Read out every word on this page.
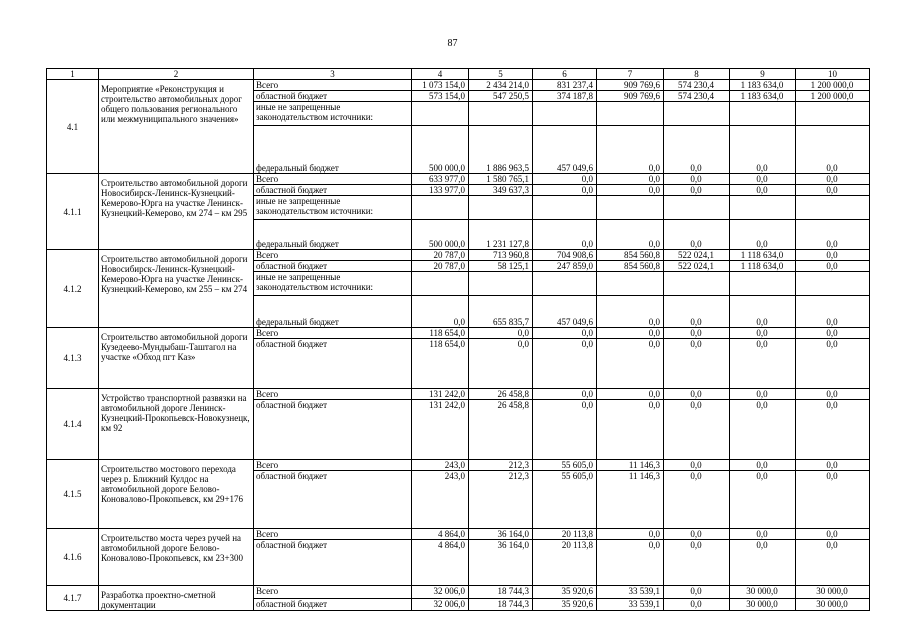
87
1	2	3	4	5	6	7	8	9	10
4.1	Мероприятие «Реконструкция и строительство автомобильных дорог общего пользования регионального или межмуниципального значения»	Всего	1 073 154,0	2 434 214,0	831 237,4	909 769,6	574 230,4	1 183 634,0	1 200 000,0
		областной бюджет	573 154,0	547 250,5	374 187,8	909 769,6	574 230,4	1 183 634,0	1 200 000,0
		иные не запрещенные законодательством источники:							
		федеральный бюджет	500 000,0	1 886 963,5	457 049,6	0,0	0,0	0,0	0,0
4.1.1	Строительство автомобильной дороги Новосибирск-Ленинск-Кузнецкий-Кемерово-Юрга на участке Ленинск-Кузнецкий-Кемерово, км 274 – км 295	Всего	633 977,0	1 580 765,1	0,0	0,0	0,0	0,0	0,0
		областной бюджет	133 977,0	349 637,3	0,0	0,0	0,0	0,0	0,0
		иные не запрещенные законодательством источники:							
		федеральный бюджет	500 000,0	1 231 127,8	0,0	0,0	0,0	0,0	0,0
4.1.2	Строительство автомобильной дороги Новосибирск-Ленинск-Кузнецкий-Кемерово-Юрга на участке Ленинск-Кузнецкий-Кемерово, км 255 – км 274	Всего	20 787,0	713 960,8	704 908,6	854 560,8	522 024,1	1 118 634,0	0,0
		областной бюджет	20 787,0	58 125,1	247 859,0	854 560,8	522 024,1	1 118 634,0	0,0
		иные не запрещенные законодательством источники:							
		федеральный бюджет	0,0	655 835,7	457 049,6	0,0	0,0	0,0	0,0
4.1.3	Строительство автомобильной дороги Кузедеево-Мундыбаш-Таштагол на участке «Обход пгт Каз»	Всего	118 654,0	0,0	0,0	0,0	0,0	0,0	0,0
		областной бюджет	118 654,0	0,0	0,0	0,0	0,0	0,0	0,0
4.1.4	Устройство транспортной развязки на автомобильной дороге Ленинск-Кузнецкий-Прокопьевск-Новокузнецк, км 92	Всего	131 242,0	26 458,8	0,0	0,0	0,0	0,0	0,0
		областной бюджет	131 242,0	26 458,8	0,0	0,0	0,0	0,0	0,0
4.1.5	Строительство мостового перехода через р. Ближний Кулдос на автомобильной дороге Белово-Коновалово-Прокопьевск, км 29+176	Всего	243,0	212,3	55 605,0	11 146,3	0,0	0,0	0,0
		областной бюджет	243,0	212,3	55 605,0	11 146,3	0,0	0,0	0,0
4.1.6	Строительство моста через ручей на автомобильной дороге Белово-Коновалово-Прокопьевск, км 23+300	Всего	4 864,0	36 164,0	20 113,8	0,0	0,0	0,0	0,0
		областной бюджет	4 864,0	36 164,0	20 113,8	0,0	0,0	0,0	0,0
4.1.7	Разработка проектно-сметной документации	Всего	32 006,0	18 744,3	35 920,6	33 539,1	0,0	30 000,0	30 000,0
		областной бюджет	32 006,0	18 744,3	35 920,6	33 539,1	0,0	30 000,0	30 000,0
